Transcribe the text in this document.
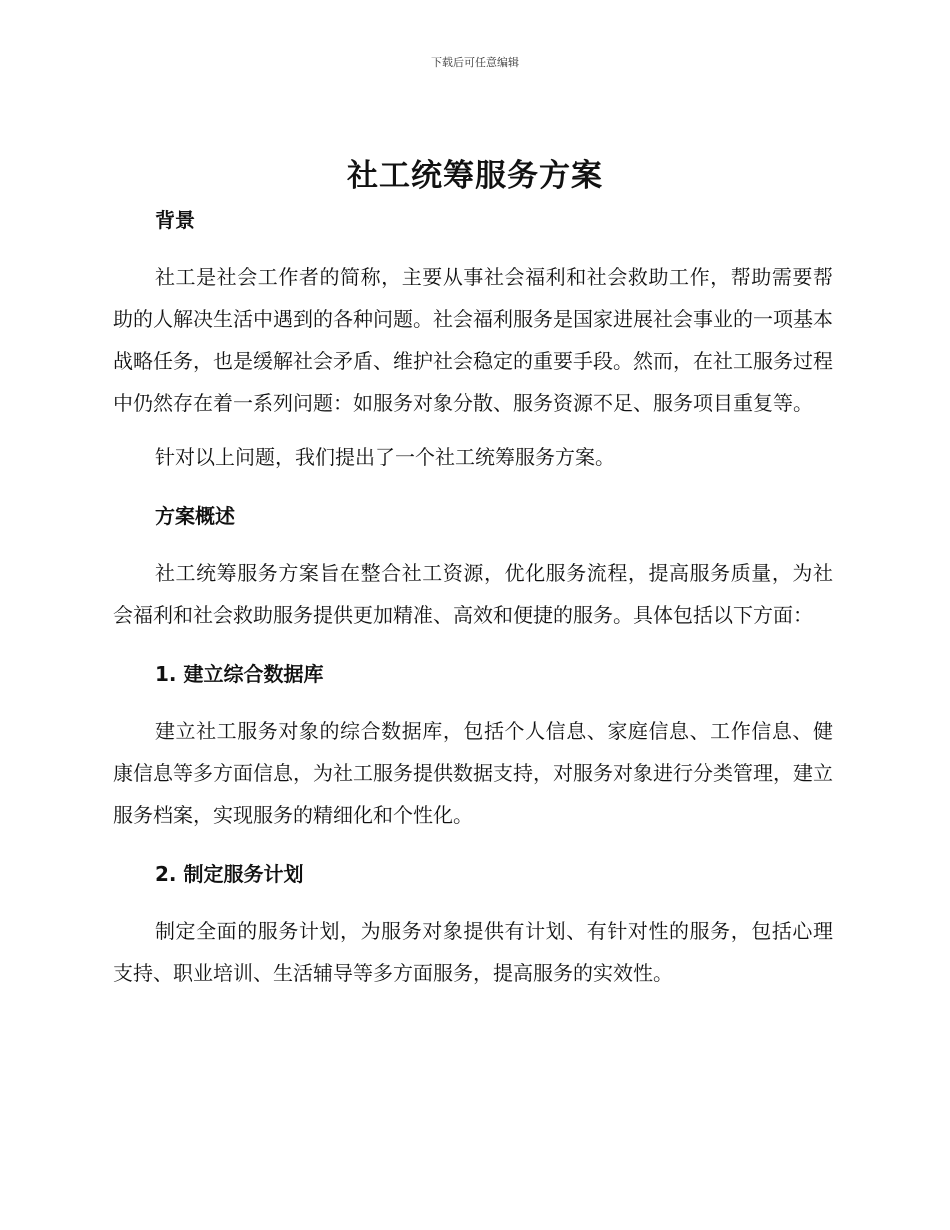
下载后可任意编辑
社工统筹服务方案
背景

社工是社会工作者的简称，主要从事社会福利和社会救助工作，帮助需要帮助的人解决生活中遇到的各种问题。社会福利服务是国家进展社会事业的一项基本战略任务，也是缓解社会矛盾、维护社会稳定的重要手段。然而，在社工服务过程中仍然存在着一系列问题：如服务对象分散、服务资源不足、服务项目重复等。

针对以上问题，我们提出了一个社工统筹服务方案。

方案概述

社工统筹服务方案旨在整合社工资源，优化服务流程，提高服务质量，为社会福利和社会救助服务提供更加精准、高效和便捷的服务。具体包括以下方面：

1. 建立综合数据库

建立社工服务对象的综合数据库，包括个人信息、家庭信息、工作信息、健康信息等多方面信息，为社工服务提供数据支持，对服务对象进行分类管理，建立服务档案，实现服务的精细化和个性化。

2. 制定服务计划

制定全面的服务计划，为服务对象提供有计划、有针对性的服务，包括心理支持、职业培训、生活辅导等多方面服务，提高服务的实效性。
